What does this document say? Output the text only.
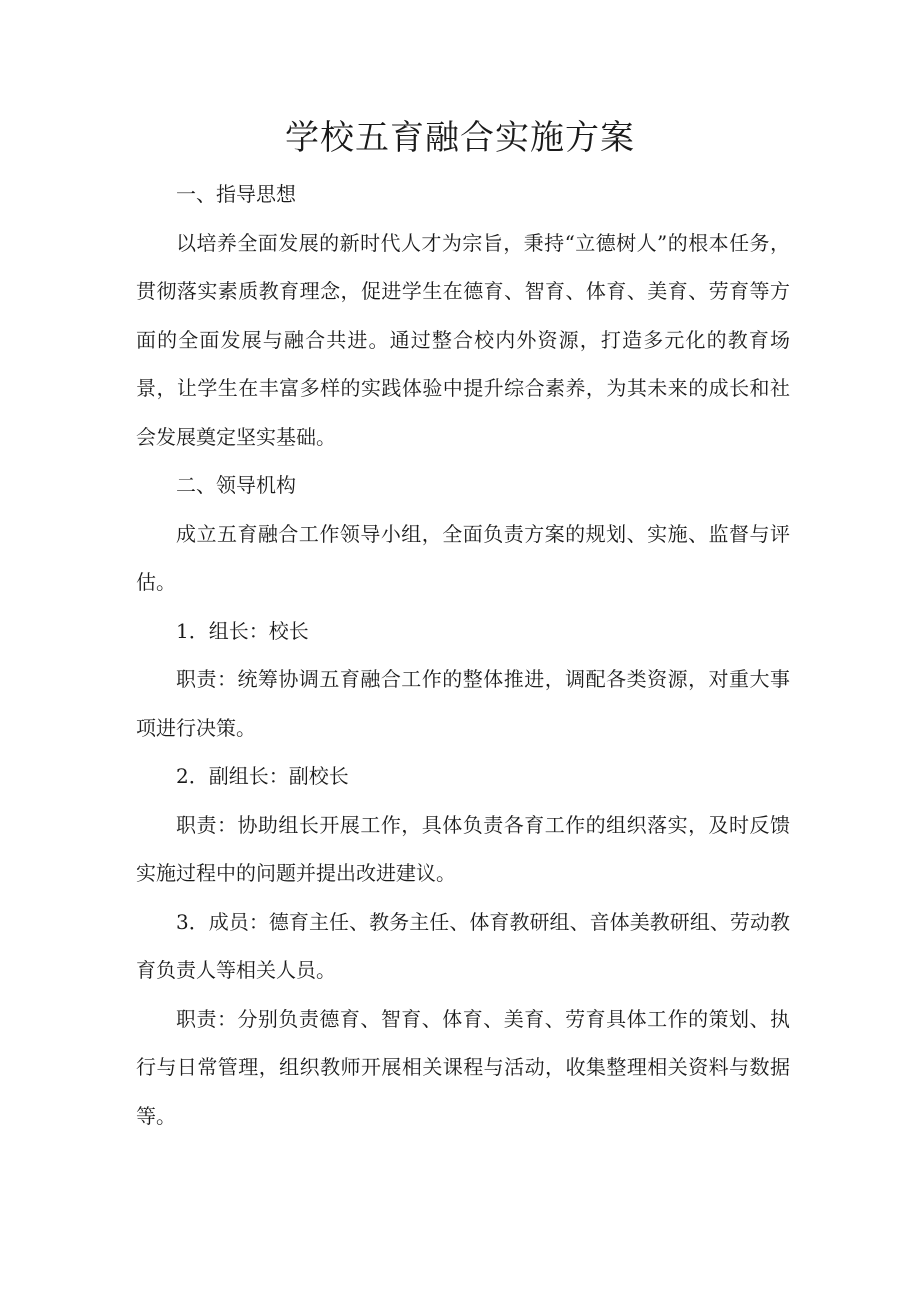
学校五育融合实施方案

一、指导思想

以培养全面发展的新时代人才为宗旨，秉持“立德树人”的根本任务，贯彻落实素质教育理念，促进学生在德育、智育、体育、美育、劳育等方面的全面发展与融合共进。通过整合校内外资源，打造多元化的教育场景，让学生在丰富多样的实践体验中提升综合素养，为其未来的成长和社会发展奠定坚实基础。

二、领导机构

成立五育融合工作领导小组，全面负责方案的规划、实施、监督与评估。

1．组长：校长

职责：统筹协调五育融合工作的整体推进，调配各类资源，对重大事项进行决策。

2．副组长：副校长

职责：协助组长开展工作，具体负责各育工作的组织落实，及时反馈实施过程中的问题并提出改进建议。

3．成员：德育主任、教务主任、体育教研组、音体美教研组、劳动教育负责人等相关人员。

职责：分别负责德育、智育、体育、美育、劳育具体工作的策划、执行与日常管理，组织教师开展相关课程与活动，收集整理相关资料与数据等。
